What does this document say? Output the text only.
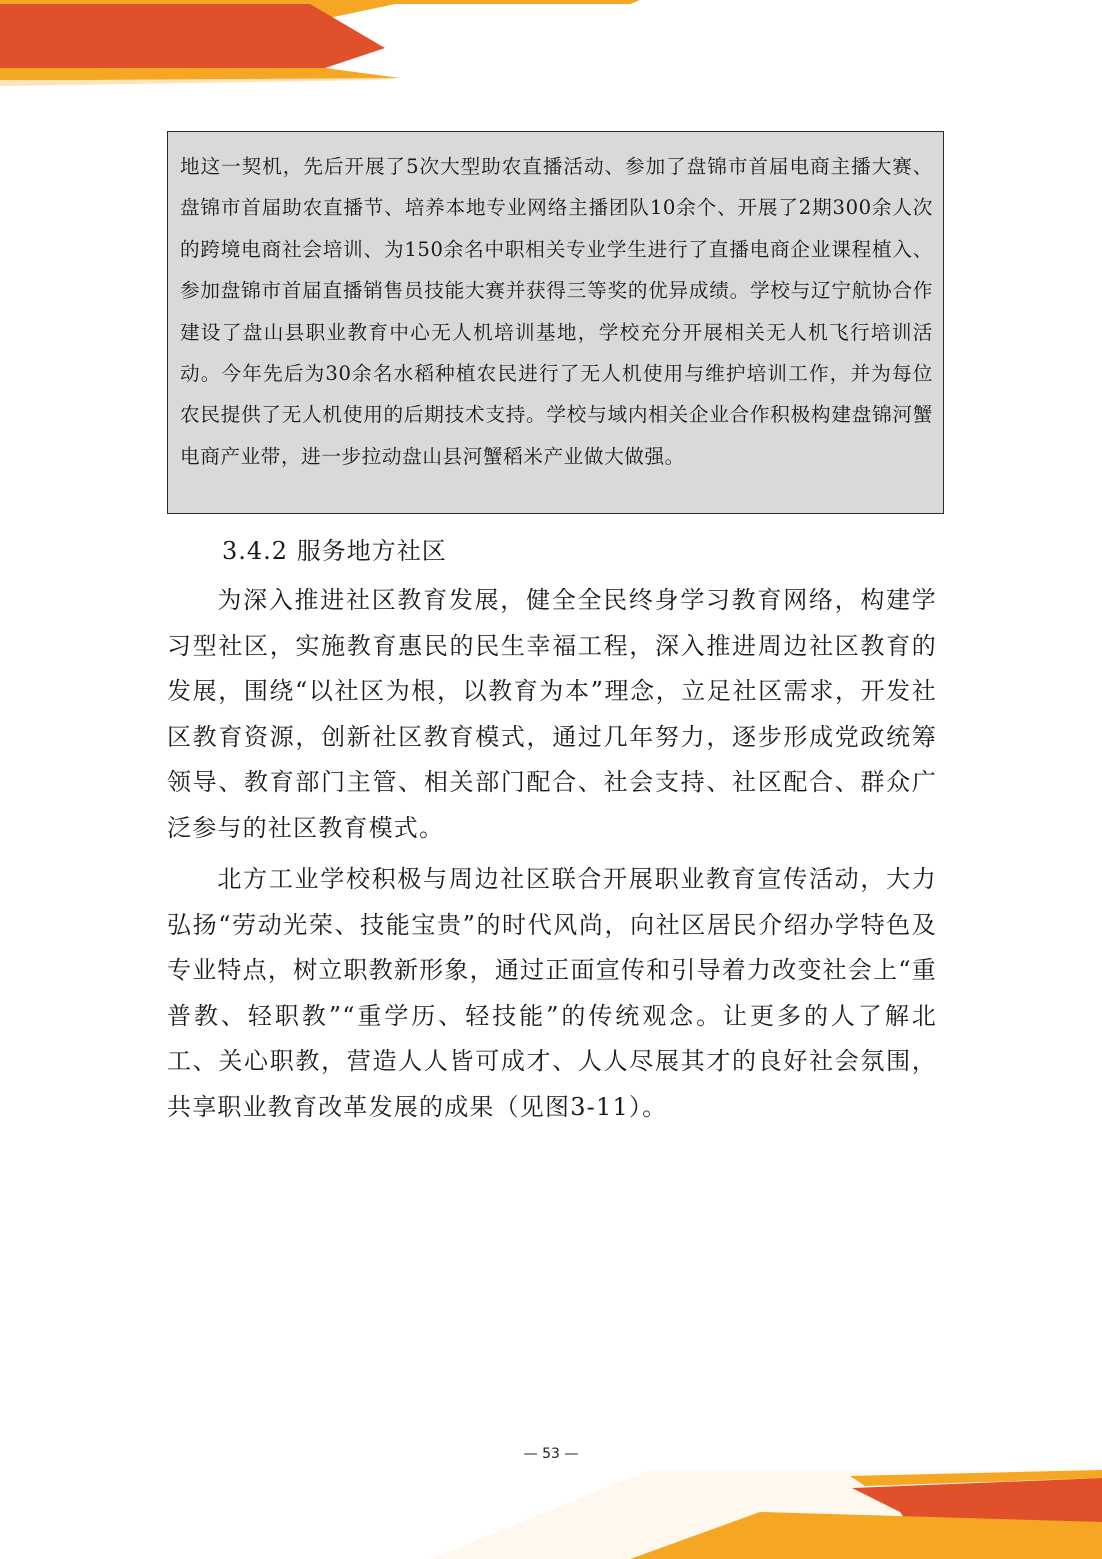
地这一契机，先后开展了5次大型助农直播活动、参加了盘锦市首届电商主播大赛、盘锦市首届助农直播节、培养本地专业网络主播团队10余个、开展了2期300余人次的跨境电商社会培训、为150余名中职相关专业学生进行了直播电商企业课程植入、参加盘锦市首届直播销售员技能大赛并获得三等奖的优异成绩。学校与辽宁航协合作建设了盘山县职业教育中心无人机培训基地，学校充分开展相关无人机飞行培训活动。今年先后为30余名水稻种植农民进行了无人机使用与维护培训工作，并为每位农民提供了无人机使用的后期技术支持。学校与域内相关企业合作积极构建盘锦河蟹电商产业带，进一步拉动盘山县河蟹稻米产业做大做强。
3.4.2 服务地方社区

为深入推进社区教育发展，健全全民终身学习教育网络，构建学习型社区，实施教育惠民的民生幸福工程，深入推进周边社区教育的发展，围绕“以社区为根，以教育为本”理念，立足社区需求，开发社区教育资源，创新社区教育模式，通过几年努力，逐步形成党政统筹领导、教育部门主管、相关部门配合、社会支持、社区配合、群众广泛参与的社区教育模式。

北方工业学校积极与周边社区联合开展职业教育宣传活动，大力弘扬“劳动光荣、技能宝贵”的时代风尚，向社区居民介绍办学特色及专业特点，树立职教新形象，通过正面宣传和引导着力改变社会上“重普教、轻职教”“重学历、轻技能”的传统观念。让更多的人了解北工、关心职教，营造人人皆可成才、人人尽展其才的良好社会氛围，共享职业教育改革发展的成果（见图3-11）。

— 53 —
